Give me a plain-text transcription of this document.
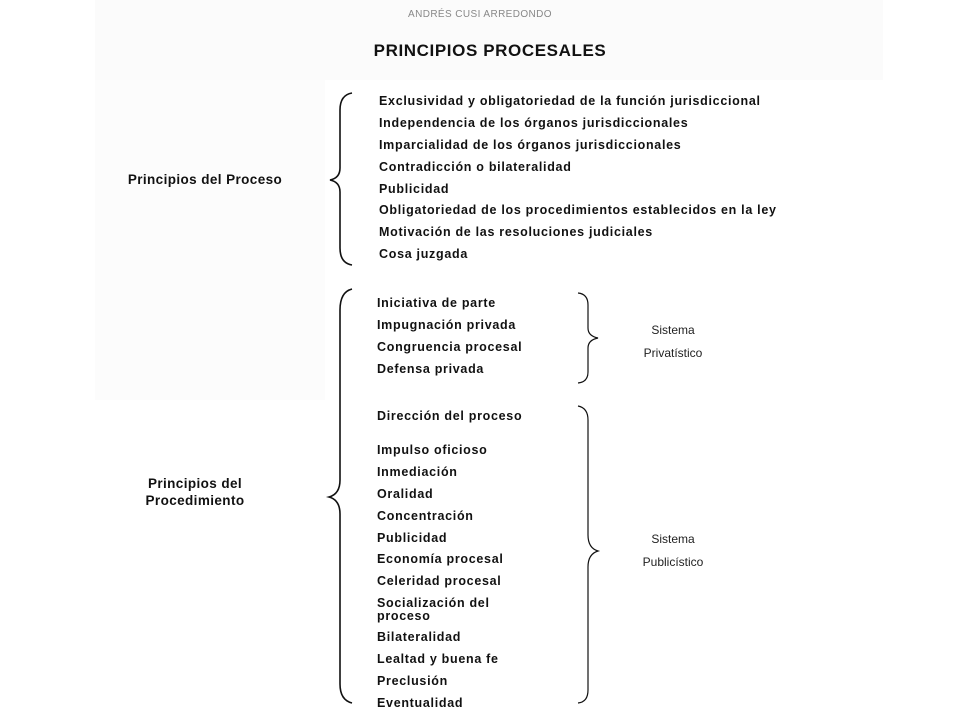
ANDRÉS CUSI ARREDONDO
PRINCIPIOS PROCESALES
Principios del Proceso
Exclusividad y obligatoriedad de la función jurisdiccional
Independencia de los órganos jurisdiccionales
Imparcialidad de los órganos jurisdiccionales
Contradicción o bilateralidad
Publicidad
Obligatoriedad de los procedimientos establecidos en la ley
Motivación de las resoluciones judiciales
Cosa juzgada
Principios del
Procedimiento
Iniciativa de parte
Impugnación privada
Congruencia procesal
Defensa privada
Dirección del proceso
Impulso oficioso
Inmediación
Oralidad
Concentración
Publicidad
Economía procesal
Celeridad procesal
Socialización del proceso
Bilateralidad
Lealtad y buena fe
Preclusión
Eventualidad
Sistema
Privatístico
Sistema
Publicístico
